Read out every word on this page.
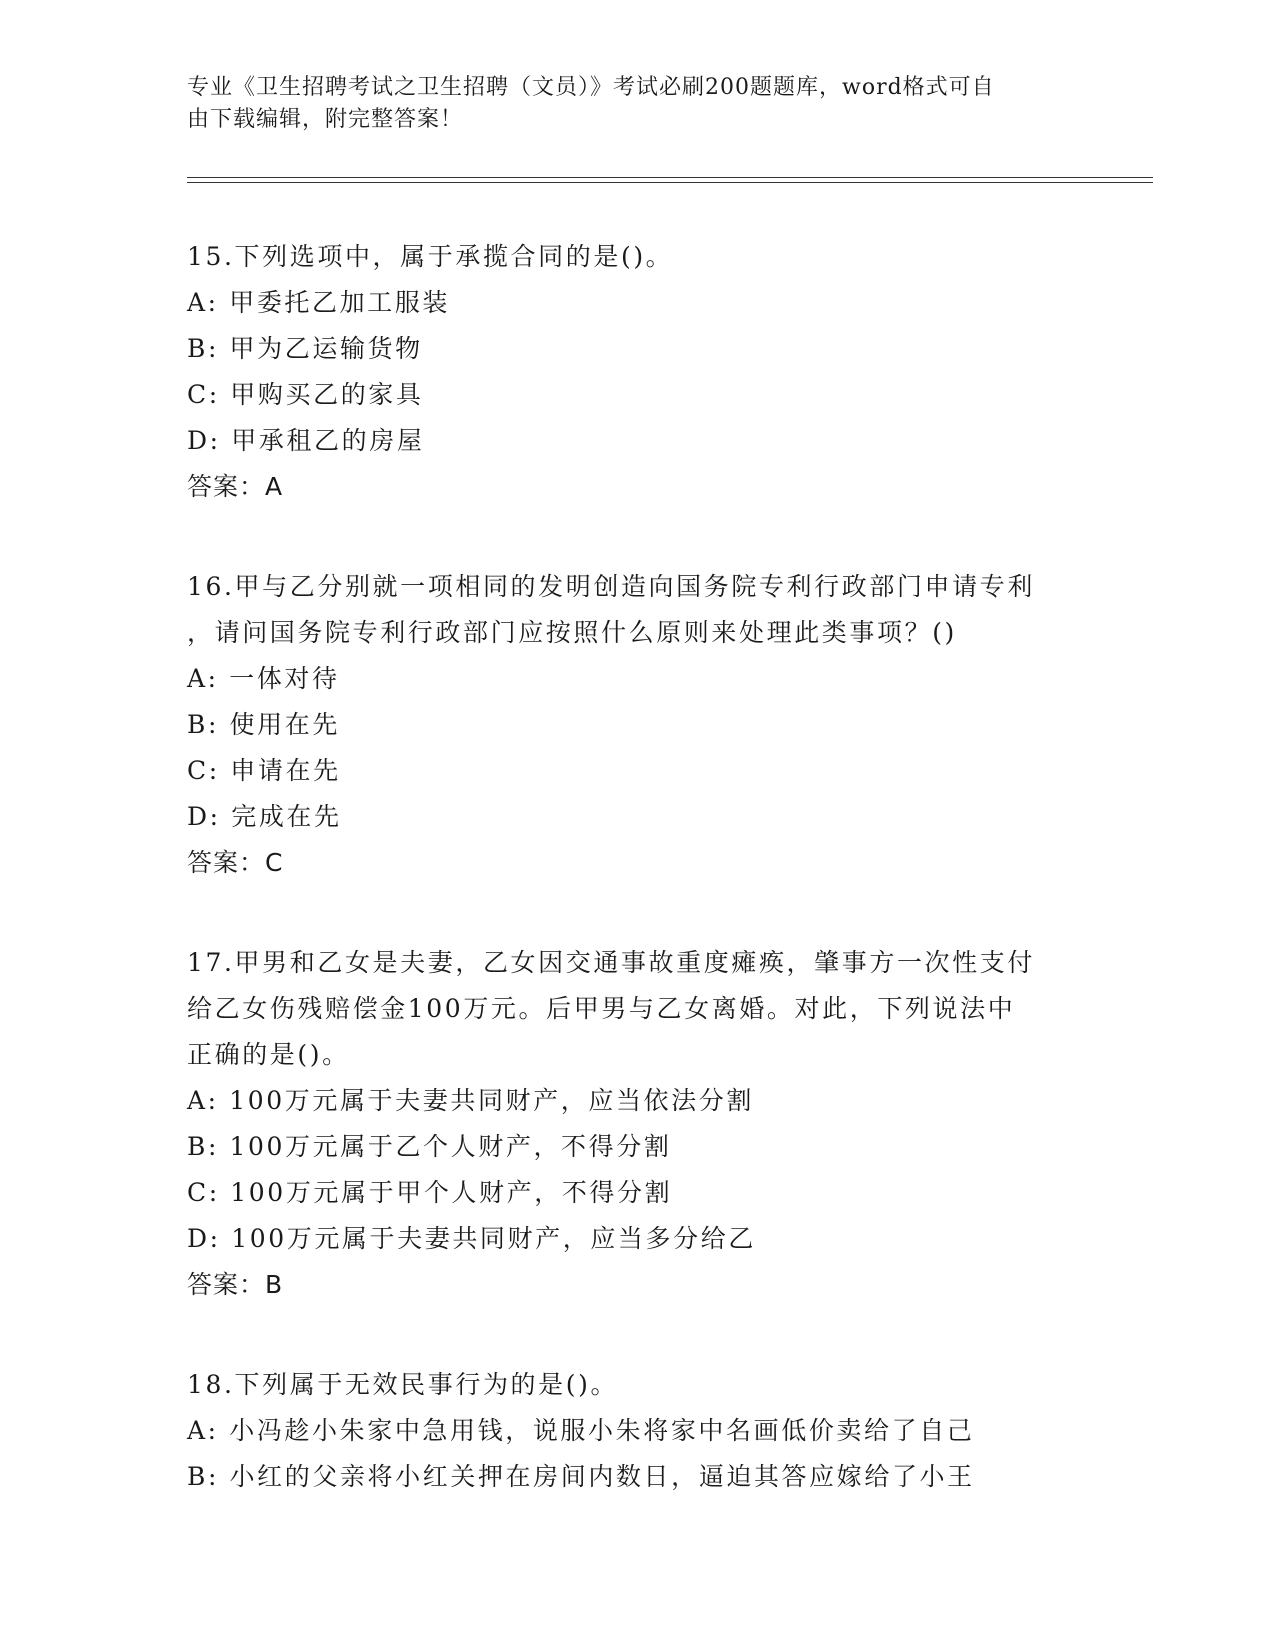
专业《卫生招聘考试之卫生招聘（文员）》考试必刷200题题库，word格式可自
由下载编辑，附完整答案！
15.下列选项中，属于承揽合同的是()。
A: 甲委托乙加工服装
B: 甲为乙运输货物
C: 甲购买乙的家具
D: 甲承租乙的房屋
答案：A
16.甲与乙分别就一项相同的发明创造向国务院专利行政部门申请专利
，请问国务院专利行政部门应按照什么原则来处理此类事项？()
A: 一体对待
B: 使用在先
C: 申请在先
D: 完成在先
答案：C
17.甲男和乙女是夫妻，乙女因交通事故重度瘫痪，肇事方一次性支付
给乙女伤残赔偿金100万元。后甲男与乙女离婚。对此，下列说法中
正确的是()。
A: 100万元属于夫妻共同财产，应当依法分割
B: 100万元属于乙个人财产，不得分割
C: 100万元属于甲个人财产，不得分割
D: 100万元属于夫妻共同财产，应当多分给乙
答案：B
18.下列属于无效民事行为的是()。
A: 小冯趁小朱家中急用钱，说服小朱将家中名画低价卖给了自己
B: 小红的父亲将小红关押在房间内数日，逼迫其答应嫁给了小王
